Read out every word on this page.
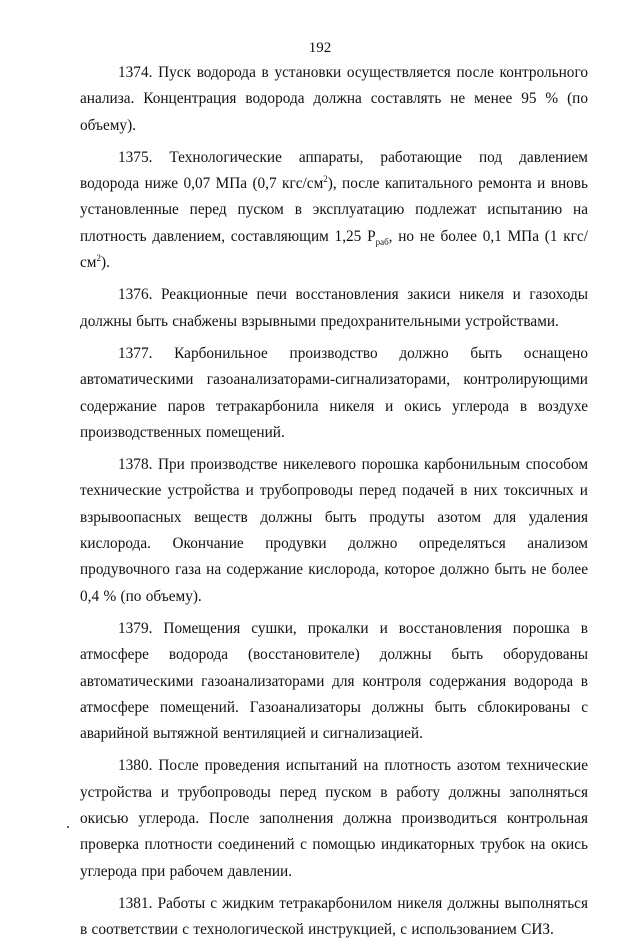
192

1374. Пуск водорода в установки осуществляется после контрольного анализа. Концентрация водорода должна составлять не менее 95 % (по объему).

1375. Технологические аппараты, работающие под давлением водорода ниже 0,07 МПа (0,7 кгс/$см^2$), после капитального ремонта и вновь установленные перед пуском в эксплуатацию подлежат испытанию на плотность давлением, составляющим 1,25 $Р_{раб}$, но не более 0,1 МПа (1 кгс/$см^2$).

1376. Реакционные печи восстановления закиси никеля и газоходы должны быть снабжены взрывными предохранительными устройствами.

1377. Карбонильное производство должно быть оснащено автоматическими газоанализаторами-сигнализаторами, контролирующими содержание паров тетракарбонила никеля и окись углерода в воздухе производственных помещений.

1378. При производстве никелевого порошка карбонильным способом технические устройства и трубопроводы перед подачей в них токсичных и взрывоопасных веществ должны быть продуты азотом для удаления кислорода. Окончание продувки должно определяться анализом продувочного газа на содержание кислорода, которое должно быть не более 0,4 % (по объему).

1379. Помещения сушки, прокалки и восстановления порошка в атмосфере водорода (восстановителе) должны быть оборудованы автоматическими газоанализаторами для контроля содержания водорода в атмосфере помещений. Газоанализаторы должны быть сблокированы с аварийной вытяжной вентиляцией и сигнализацией.

1380. После проведения испытаний на плотность азотом технические устройства и трубопроводы перед пуском в работу должны заполняться окисью углерода. После заполнения должна производиться контрольная проверка плотности соединений с помощью индикаторных трубок на окись углерода при рабочем давлении.

1381. Работы с жидким тетракарбонилом никеля должны выполняться в соответствии с технологической инструкцией, с использованием СИЗ.
